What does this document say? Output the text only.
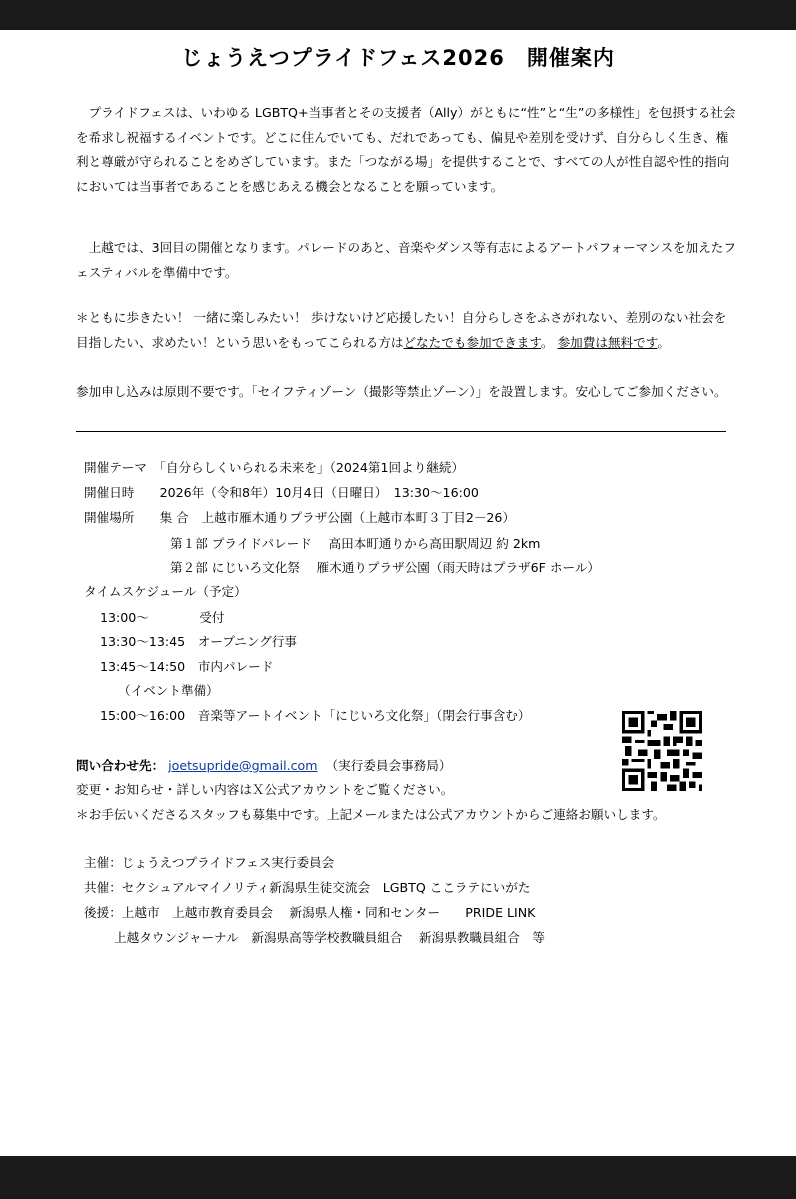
じょうえつプライドフェス2026 開催案内

プライドフェスは、いわゆる LGBTQ+当事者とその支援者（Ally）がともに“性”と“生”の多様性」を包摂する社会を希求し祝福するイベントです。どこに住んでいても、だれであっても、偏見や差別を受けず、自分らしく生き、権利と尊厳が守られることをめざしています。また「つながる場」を提供することで、すべての人が性自認や性的指向においては当事者であることを感じあえる機会となることを願っています。

上越では、3回目の開催となります。パレードのあと、音楽やダンス等有志によるアートパフォーマンスを加えたフェスティバルを準備中です。

＊ともに歩きたい！ 一緒に楽しみたい！ 歩けないけど応援したい！自分らしさをふさがれない、差別のない社会を目指したい、求めたい！という思いをもってこられる方はどなたでも参加できます。 参加費は無料です。

参加申し込みは原則不要です。「セイフティゾーン（撮影等禁止ゾーン）」を設置します。安心してご参加ください。

開催テーマ　「自分らしくいられる未来を」（2024第1回より継続）
開催日時　　2026年（令和8年）10月4日（日曜日）　13:30～16:00
開催場所　　集 合　上越市雁木通りプラザ公園（上越市本町３丁目2－26）
第１部 プライドパレード　 高田本町通りから高田駅周辺 約 2km
第２部 にじいろ文化祭　 雁木通りプラザ公園（雨天時はプラザ6F ホール）
タイムスケジュール（予定）
13:00～　　　　受付
13:30～13:45　オープニング行事
13:45～14:50　市内パレード
（イベント準備）
15:00～16:00　音楽等アートイベント「にじいろ文化祭」（閉会行事含む）
問い合わせ先： joetsupride@gmail.com （実行委員会事務局）
変更・お知らせ・詳しい内容はＸ公式アカウントをご覧ください。
＊お手伝いくださるスタッフも募集中です。上記メールまたは公式アカウントからご連絡お願いします。
主催：じょうえつプライドフェス実行委員会
共催：セクシュアルマイノリティ新潟県生徒交流会　LGBTQ ここラテにいがた
後援：上越市　上越市教育委員会　 新潟県人権・同和センター　　PRIDE LINK
上越タウンジャーナル　新潟県高等学校教職員組合　 新潟県教職員組合　等
